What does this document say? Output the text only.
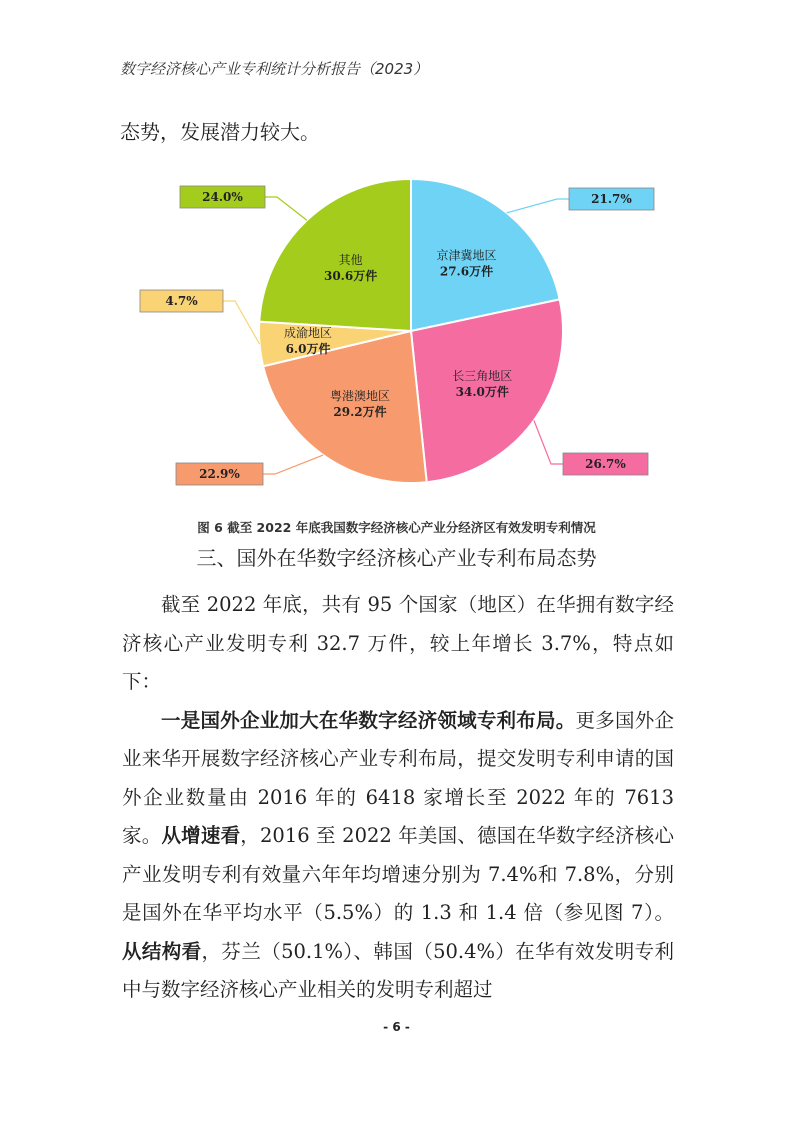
数字经济核心产业专利统计分析报告（2023）
态势，发展潜力较大。
21.7%
26.7%
22.9%
4.7%
24.0%
京津冀地区
27.6万件
长三角地区
34.0万件
粤港澳地区
29.2万件
成渝地区
6.0万件
其他
30.6万件
图 6 截至 2022 年底我国数字经济核心产业分经济区有效发明专利情况
三、国外在华数字经济核心产业专利布局态势

截至 2022 年底，共有 95 个国家（地区）在华拥有数字经济核心产业发明专利 32.7 万件，较上年增长 3.7%，特点如下：

一是国外企业加大在华数字经济领域专利布局。更多国外企业来华开展数字经济核心产业专利布局，提交发明专利申请的国外企业数量由 2016 年的 6418 家增长至 2022 年的 7613 家。从增速看，2016 至 2022 年美国、德国在华数字经济核心产业发明专利有效量六年年均增速分别为 7.4%和 7.8%，分别是国外在华平均水平（5.5%）的 1.3 和 1.4 倍（参见图 7）。从结构看，芬兰（50.1%）、韩国（50.4%）在华有效发明专利中与数字经济核心产业相关的发明专利超过

- 6 -
